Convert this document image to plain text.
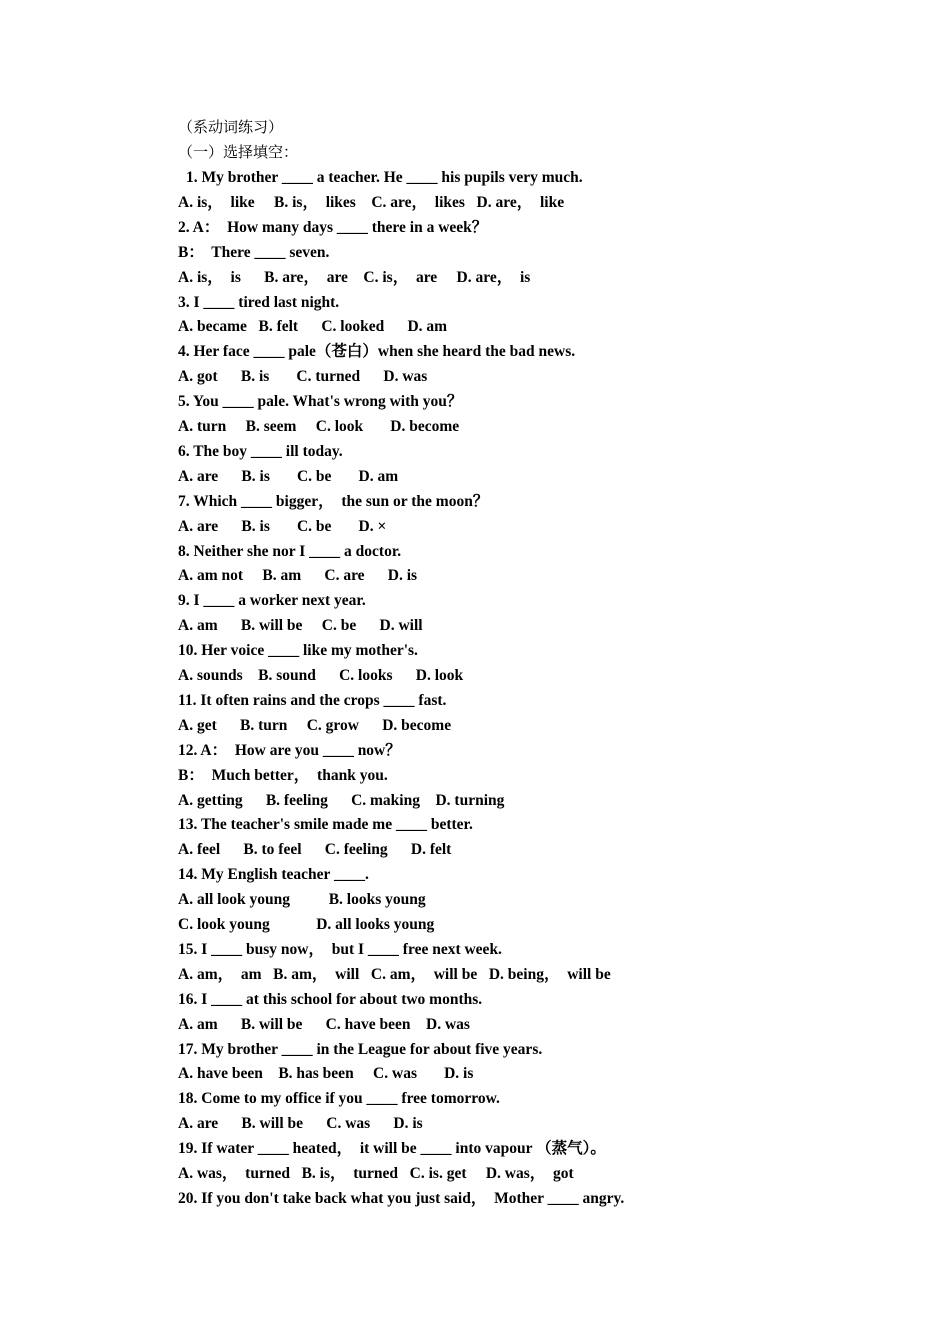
（系动词练习）
（一）选择填空：
1. My brother ____ a teacher. He ____ his pupils very much.
A. is，  like     B. is，  likes    C. are，  likes   D. are，  like
2. A：  How many days ____ there in a week？
B：  There ____ seven.
A. is，  is      B. are，  are    C. is，  are     D. are，  is
3. I ____ tired last night.
A. became   B. felt      C. looked      D. am
4. Her face ____ pale（苍白）when she heard the bad news.
A. got      B. is       C. turned      D. was
5. You ____ pale. What's wrong with you？
A. turn     B. seem     C. look       D. become
6. The boy ____ ill today.
A. are      B. is       C. be       D. am
7. Which ____ bigger，  the sun or the moon？
A. are      B. is       C. be       D. ×
8. Neither she nor I ____ a doctor.
A. am not     B. am      C. are      D. is
9. I ____ a worker next year.
A. am      B. will be     C. be      D. will
10. Her voice ____ like my mother's.
A. sounds    B. sound      C. looks      D. look
11. It often rains and the crops ____ fast.
A. get      B. turn     C. grow      D. become
12. A：  How are you ____ now？
B：  Much better，  thank you.
A. getting      B. feeling      C. making    D. turning
13. The teacher's smile made me ____ better.
A. feel      B. to feel      C. feeling      D. felt
14. My English teacher ____.
A. all look young          B. looks young
C. look young            D. all looks young
15. I ____ busy now，  but I ____ free next week.
A. am，  am   B. am，  will   C. am，  will be   D. being，  will be
16. I ____ at this school for about two months.
A. am      B. will be      C. have been    D. was
17. My brother ____ in the League for about five years.
A. have been    B. has been     C. was       D. is
18. Come to my office if you ____ free tomorrow.
A. are      B. will be      C. was      D. is
19. If water ____ heated，  it will be ____ into vapour （蒸气）。
A. was，  turned   B. is，  turned   C. is. get     D. was，  got
20. If you don't take back what you just said，  Mother ____ angry.
